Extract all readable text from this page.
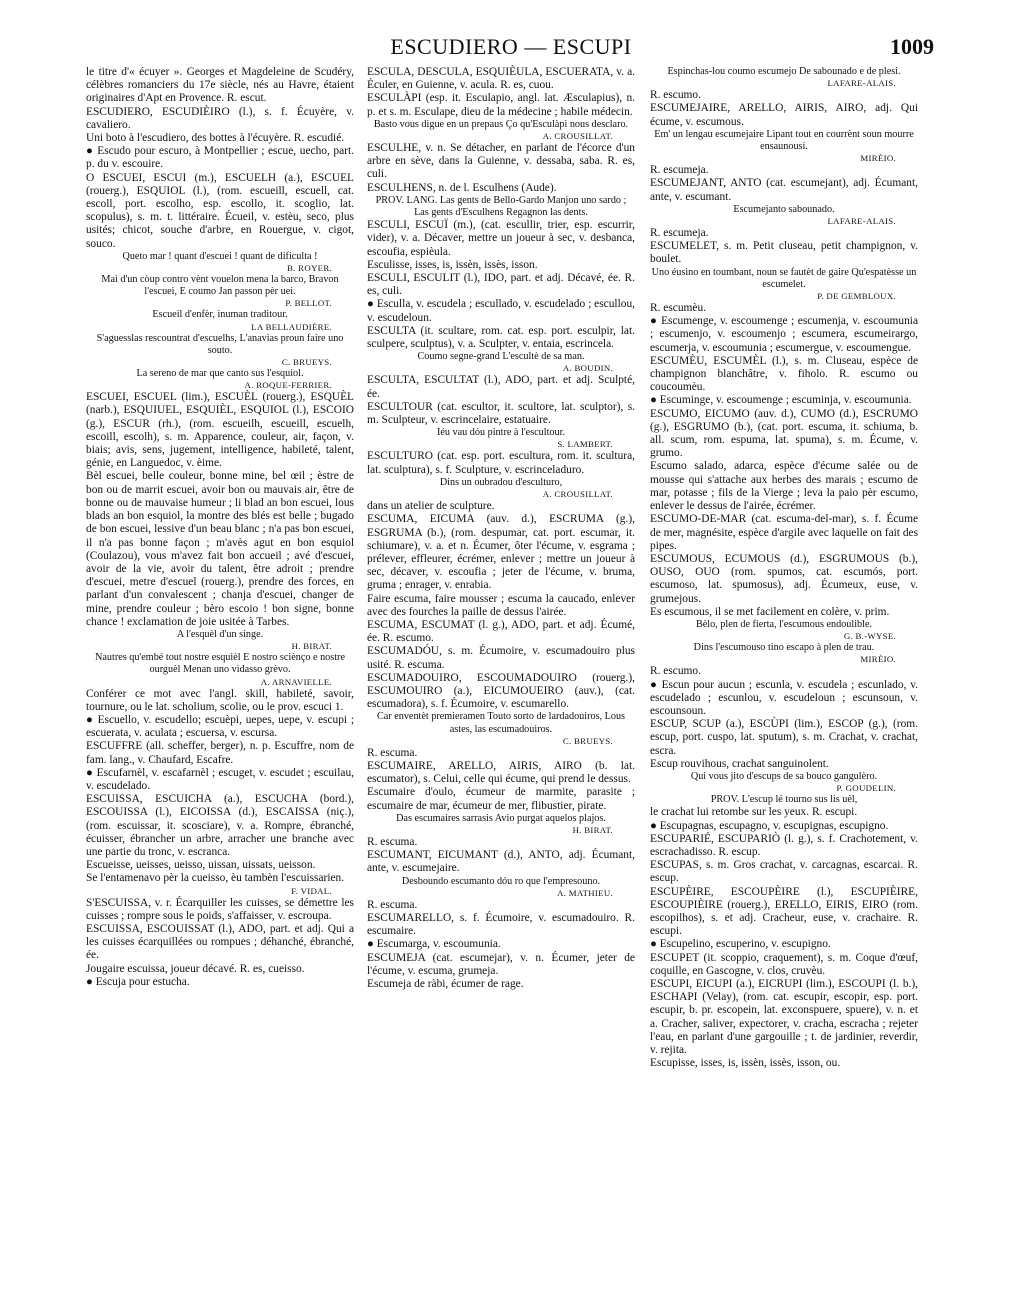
ESCUDIERO — ESCUPI	1009

le titre d'« écuyer ». Georges et Magdeleine de Scudéry, célèbres romanciers du 17e siècle, nés au Havre, étaient originaires d'Apt en Provence. R. escut.

ESCUDIERO, ESCUDIÈIRO (l.), s. f. Écuyère, v. cavaliero.

Uni boto à l'escudiero, des bottes à l'écuyère. R. escudié.

● Escudo pour escuro, à Montpellier ; escue, uecho, part. p. du v. escouire.

O ESCUEI, ESCUI (m.), ESCUELH (a.), ESCUEL (rouerg.), ESQUIOL (l.), (rom. escueill, escuell, cat. escoll, port. escolho, esp. escollo, it. scoglio, lat. scopulus), s. m. t. littéraire. Écueil, v. estèu, seco, plus usités; chicot, souche d'arbre, en Rouergue, v. cigot, souco.

Queto mar ! quant d'escuei ! quant de dificulta !

B. ROYER.

Mai d'un còup contro vènt vouelon mena la barco, Bravon l'escuei, E coumo Jan passon pèr uei.

P. BELLOT.

Escueil d'enfèr, inuman traditour.

LA BELLAUDIÈRE.

S'aguesslas rescountrat d'escuelhs, L'anavias proun faire uno souto.

C. BRUEYS.

La sereno de mar que canto sus l'esquiol.

A. ROQUE-FERRIER.

ESCUEI, ESCUEL (lim.), ESCUÈL (rouerg.), ESQUÈL (narb.), ESQUIUEL, ESQUIÈL, ESQUIOL (l.), ESCOIO (g.), ESCUR (rh.), (rom. escueilh, escueill, escuelh, escoill, escolh), s. m. Apparence, couleur, air, façon, v. biais; avis, sens, jugement, intelligence, habileté, talent, génie, en Languedoc, v. èime.

Bèl escuei, belle couleur, bonne mine, bel œil ; èstre de bon ou de marrit escuei, avoir bon ou mauvais air, être de bonne ou de mauvaise humeur ; li blad an bon escuei, lous blads an bon esquiol, la montre des blés est belle ; bugado de bon escuei, lessive d'un beau blanc ; n'a pas bon escuei, il n'a pas bonne façon ; m'avès agut en bon esquiol (Coulazou), vous m'avez fait bon accueil ; avé d'escuei, avoir de la vie, avoir du talent, être adroit ; prendre d'escuei, metre d'escuel (rouerg.), prendre des forces, en parlant d'un convalescent ; chanja d'escuei, changer de mine, prendre couleur ; bèro escoio ! bon signe, bonne chance ! exclamation de joie usitée à Tarbes.

A l'esquèl d'un singe.

H. BIRAT.

Nautres qu'embé tout nostre esquièl E nostro sciènço e nostre ourguèl Menan uno vidasso grèvo.

A. ARNAVIELLE.

Conférer ce mot avec l'angl. skill, habileté, savoir, tournure, ou le lat. scholium, scolie, ou le prov. escuci 1.

● Escuello, v. escudello; escuèpi, uepes, uepe, v. escupi ; escuerata, v. aculata ; escuersa, v. escursa.

ESCUFFRE (all. scheffer, berger), n. p. Escuffre, nom de fam. lang., v. Chaufard, Escafre.

● Escufarnèl, v. escafarnèl ; escuget, v. escudet ; escuilau, v. escudelado.

ESCUISSA, ESCUICHA (a.), ESCUCHA (bord.), ESCOUISSA (l.), EICOISSA (d.), ESCAISSA (niç.), (rom. escuissar, it. scosciare), v. a. Rompre, ébranché, écuisser, ébrancher un arbre, arracher une branche avec une partie du tronc, v. escranca.

Escueisse, ueisses, ueisso, uissan, uissats, ueisson.

Se l'entamenavo pèr la cueisso, èu tambèn l'escuissarien.

F. VIDAL.

S'ESCUISSA, v. r. Écarquiller les cuisses, se démettre les cuisses ; rompre sous le poids, s'affaisser, v. escroupa.

ESCUISSA, ESCOUISSAT (l.), ADO, part. et adj. Qui a les cuisses écarquillées ou rompues ; déhanché, ébranché, ée.

Jougaire escuissa, joueur décavé. R. es, cueisso.

● Escuja pour estucha.

ESCULA, DESCULA, ESQUIÈULA, ESCUERATA, v. a. Éculer, en Guienne, v. acula. R. es, cuou.

ESCULÀPI (esp. it. Esculapio, angl. lat. Æsculapius), n. p. et s. m. Esculape, dieu de la médecine ; habile médecin.

Basto vous digue en un prepaus Ço qu'Esculàpi nous desclaro.

A. CROUSILLAT.

ESCULHE, v. n. Se détacher, en parlant de l'écorce d'un arbre en sève, dans la Guienne, v. dessaba, saba. R. es, culi.

ESCULHENS, n. de l. Esculhens (Aude).

PROV. LANG. Las gents de Bello-Gardo Manjon uno sardo ; Las gents d'Esculhens Regagnon las dents.

ESCULI, ESCUÏ (m.), (cat. escullir, trier, esp. escurrir, vider), v. a. Décaver, mettre un joueur à sec, v. desbanca, escoufia, espièula.

Esculisse, isses, is, issèn, issès, isson.

ESCULI, ESCULIT (l.), IDO, part. et adj. Décavé, ée. R. es, culi.

● Esculla, v. escudela ; escullado, v. escudelado ; escullou, v. escudeloun.

ESCULTA (it. scultare, rom. cat. esp. port. esculpir, lat. sculpere, sculptus), v. a. Sculpter, v. entaia, escrincela.

Coumo segne-grand L'escultè de sa man.

A. BOUDIN.

ESCULTA, ESCULTAT (l.), ADO, part. et adj. Sculpté, ée.

ESCULTOUR (cat. escultor, it. scultore, lat. sculptor), s. m. Sculpteur, v. escrincelaire, estatuaire.

Iéu vau dóu pintre à l'escultour.

S. LAMBERT.

ESCULTURO (cat. esp. port. escultura, rom. it. scultura, lat. sculptura), s. f. Sculpture, v. escrinceladuro.

Dins un oubradou d'esculturo,

A. CROUSILLAT.

dans un atelier de sculpture.

ESCUMA, EICUMA (auv. d.), ESCRUMA (g.), ESGRUMA (b.), (rom. despumar, cat. port. escumar, it. schiumare), v. a. et n. Écumer, ôter l'écume, v. esgrama ; prélever, effleurer, écrémer, enlever ; mettre un joueur à sec, décaver, v. escoufia ; jeter de l'écume, v. bruma, gruma ; enrager, v. enrabia.

Faire escuma, faire mousser ; escuma la caucado, enlever avec des fourches la paille de dessus l'airée.

ESCUMA, ESCUMAT (l. g.), ADO, part. et adj. Écumé, ée. R. escumo.

ESCUMADÓU, s. m. Écumoire, v. escumadouiro plus usité. R. escuma.

ESCUMADOUIRO, ESCOUMADOUIRO (rouerg.), ESCUMOUIRO (a.), EICUMOUEIRO (auv.), (cat. escumadora), s. f. Écumoire, v. escumarello.

Car enventèt premieramen Touto sorto de lardadouiros, Lous astes, las escumadouiros.

C. BRUEYS.

R. escuma.

ESCUMAIRE, ARELLO, AIRIS, AIRO (b. lat. escumator), s. Celui, celle qui écume, qui prend le dessus.

Escumaire d'oulo, écumeur de marmite, parasite ; escumaire de mar, écumeur de mer, flibustier, pirate.

Das escumaires sarrasis Avio purgat aquelos plajos.

H. BIRAT.

R. escuma.

ESCUMANT, EICUMANT (d.), ANTO, adj. Écumant, ante, v. escumejaire.

Desboundo escumanto dóu ro que l'empresouno.

A. MATHIEU.

R. escuma.

ESCUMARELLO, s. f. Écumoire, v. escumadouiro. R. escumaire.

● Escumarga, v. escoumunia.

ESCUMEJA (cat. escumejar), v. n. Écumer, jeter de l'écume, v. escuma, grumeja.

Escumeja de ràbi, écumer de rage.

Espinchas-lou coumo escumejo De sabounado e de plesi.

LAFARE-ALAIS.

R. escumo.

ESCUMEJAIRE, ARELLO, AIRIS, AIRO, adj. Qui écume, v. escumous.

Em' un lengau escumejaire Lipant tout en courrènt soun mourre ensaunousi.

MIRÈIO.

R. escumeja.

ESCUMEJANT, ANTO (cat. escumejant), adj. Écumant, ante, v. escumant.

Escumejanto sabounado.

LAFARE-ALAIS.

R. escumeja.

ESCUMELET, s. m. Petit cluseau, petit champignon, v. boulet.

Uno éusino en toumbant, noun se fautèt de gaire Qu'espatèsse un escumelet.

P. DE GEMBLOUX.

R. escumèu.

● Escumenge, v. escoumenge ; escumenja, v. escoumunia ; escumenjo, v. escoumenjo ; escumera, escumeirargo, escumerja, v. escoumunia ; escumergue, v. escoumengue.

ESCUMÈU, ESCUMÈL (l.), s. m. Cluseau, espèce de champignon blanchâtre, v. fiholo. R. escumo ou coucoumèu.

● Escuminge, v. escoumenge ; escuminja, v. escoumunia.

ESCUMO, EICUMO (auv. d.), CUMO (d.), ESCRUMO (g.), ESGRUMO (b.), (cat. port. escuma, it. schiuma, b. all. scum, rom. espuma, lat. spuma), s. m. Écume, v. grumo.

Escumo salado, adarca, espèce d'écume salée ou de mousse qui s'attache aux herbes des marais ; escumo de mar, potasse ; fils de la Vierge ; leva la paio pèr escumo, enlever le dessus de l'airée, écrémer.

ESCUMO-DE-MAR (cat. escuma-del-mar), s. f. Écume de mer, magnésite, espèce d'argile avec laquelle on fait des pipes.

ESCUMOUS, ECUMOUS (d.), ESGRUMOUS (b.), OUSO, OUO (rom. spumos, cat. escumós, port. escumoso, lat. spumosus), adj. Écumeux, euse, v. grumejous.

Es escumous, il se met facilement en colère, v. prim.

Bèlo, plen de fierta, l'escumous endoulible.

G. B.-WYSE.

Dins l'escumouso tino escapo à plen de trau.

MIRÈIO.

R. escumo.

● Escun pour aucun ; escunla, v. escudela ; escunlado, v. escudelado ; escunlou, v. escudeloun ; escunsoun, v. escounsoun.

ESCUP, SCUP (a.), ESCÙPI (lim.), ESCOP (g.), (rom. escup, port. cuspo, lat. sputum), s. m. Crachat, v. crachat, escra.

Escup rouvihous, crachat sanguinolent.

Qui vous jito d'escups de sa bouco gangulèro.

P. GOUDELIN.

PROV. L'escup lé tourno sus lis uèl,

le crachat lui retombe sur les yeux. R. escupi.

● Escupagnas, escupagno, v. escupignas, escupigno.

ESCUPARIÉ, ESCUPARIÒ (l. g.), s. f. Crachotement, v. escrachadisso. R. escup.

ESCUPAS, s. m. Gros crachat, v. carcagnas, escarcai. R. escup.

ESCUPÈIRE, ESCOUPÈIRE (l.), ESCUPIÈIRE, ESCOUPIÈIRE (rouerg.), ERELLO, EIRIS, EIRO (rom. escopilhos), s. et adj. Cracheur, euse, v. crachaire. R. escupi.

● Escupelino, escuperino, v. escupigno.

ESCUPET (it. scoppio, craquement), s. m. Coque d'œuf, coquille, en Gascogne, v. clos, cruvèu.

ESCUPI, EICUPI (a.), EICRUPI (lim.), ESCOUPI (l. b.), ESCHAPI (Velay), (rom. cat. escupir, escopir, esp. port. escupir, b. pr. escopein, lat. exconspuere, spuere), v. n. et a. Cracher, saliver, expectorer, v. cracha, escracha ; rejeter l'eau, en parlant d'une gargouille ; t. de jardinier, reverdir, v. rejita.

Escupisse, isses, is, issèn, issès, isson, ou.
